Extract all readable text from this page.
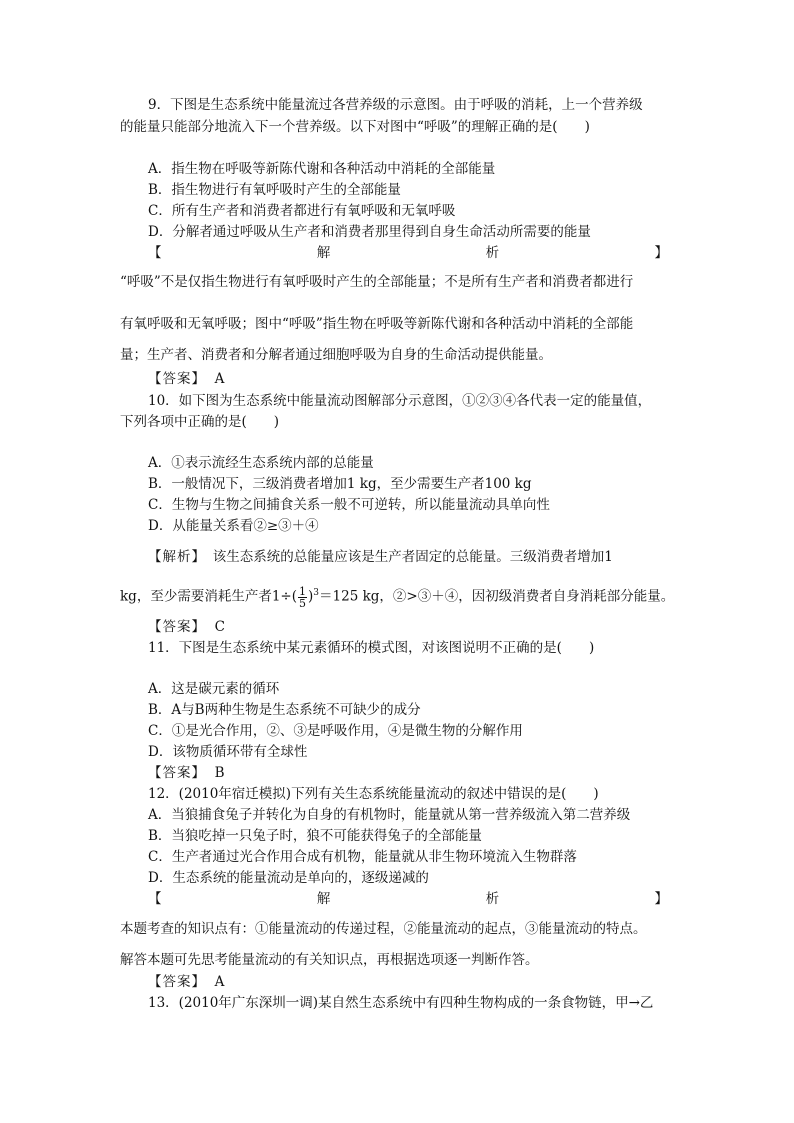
9．下图是生态系统中能量流过各营养级的示意图。由于呼吸的消耗，上一个营养级
的能量只能部分地流入下一个营养级。以下对图中“呼吸”的理解正确的是(　　)
A．指生物在呼吸等新陈代谢和各种活动中消耗的全部能量
B．指生物进行有氧呼吸时产生的全部能量
C．所有生产者和消费者都进行有氧呼吸和无氧呼吸
D．分解者通过呼吸从生产者和消费者那里得到自身生命活动所需要的能量
【	解	析	】
“呼吸”不是仅指生物进行有氧呼吸时产生的全部能量；不是所有生产者和消费者都进行
有氧呼吸和无氧呼吸；图中“呼吸”指生物在呼吸等新陈代谢和各种活动中消耗的全部能
量；生产者、消费者和分解者通过细胞呼吸为自身的生命活动提供能量。
【答案】 A
10．如下图为生态系统中能量流动图解部分示意图，①②③④各代表一定的能量值，
下列各项中正确的是(　　)
A．①表示流经生态系统内部的总能量
B．一般情况下，三级消费者增加1 kg，至少需要生产者100 kg
C．生物与生物之间捕食关系一般不可逆转，所以能量流动具单向性
D．从能量关系看②≥③＋④
【解析】　该生态系统的总能量应该是生产者固定的总能量。三级消费者增加1
kg，至少需要消耗生产者$1\div( \frac{1}{5} )^3=125$ kg，②>③＋④，因初级消费者自身消耗部分能量。
【答案】 C
11．下图是生态系统中某元素循环的模式图，对该图说明不正确的是(　　)
A．这是碳元素的循环
B．A与B两种生物是生态系统不可缺少的成分
C．①是光合作用，②、③是呼吸作用，④是微生物的分解作用
D．该物质循环带有全球性
【答案】 B
12．(2010年宿迁模拟)下列有关生态系统能量流动的叙述中错误的是(　　)
A．当狼捕食兔子并转化为自身的有机物时，能量就从第一营养级流入第二营养级
B．当狼吃掉一只兔子时，狼不可能获得兔子的全部能量
C．生产者通过光合作用合成有机物，能量就从非生物环境流入生物群落
D．生态系统的能量流动是单向的，逐级递减的
【	解	析	】
本题考查的知识点有：①能量流动的传递过程，②能量流动的起点，③能量流动的特点。
解答本题可先思考能量流动的有关知识点，再根据选项逐一判断作答。
【答案】 A
13．(2010年广东深圳一调)某自然生态系统中有四种生物构成的一条食物链，甲→乙
